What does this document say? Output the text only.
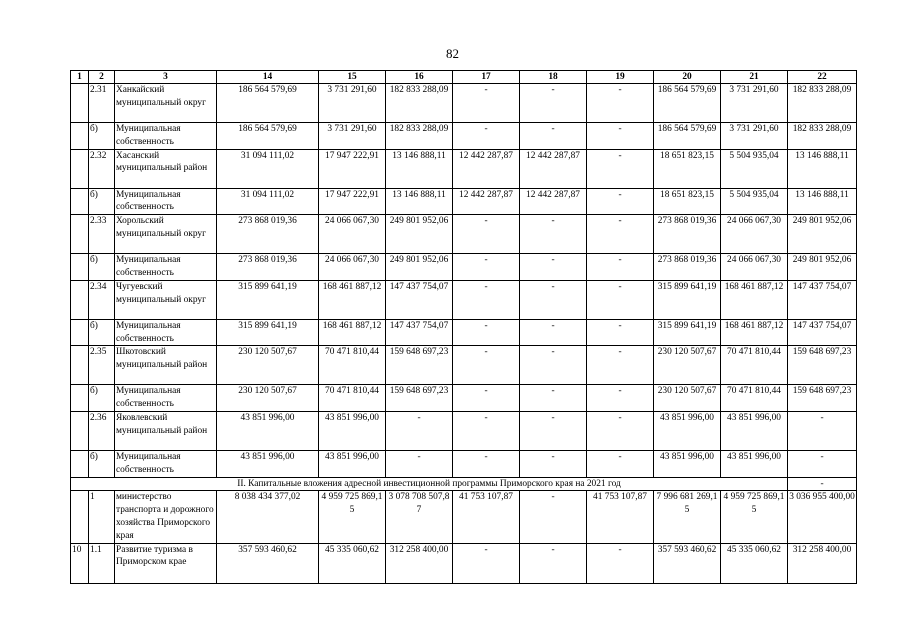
82
1	2	3	14	15	16	17	18	19	20	21	22
	2.31	Ханкайский муниципальный округ	186 564 579,69	3 731 291,60	182 833 288,09	-	-	-	186 564 579,69	3 731 291,60	182 833 288,09
	б)	Муниципальная собственность	186 564 579,69	3 731 291,60	182 833 288,09	-	-	-	186 564 579,69	3 731 291,60	182 833 288,09
	2.32	Хасанский муниципальный район	31 094 111,02	17 947 222,91	13 146 888,11	12 442 287,87	12 442 287,87	-	18 651 823,15	5 504 935,04	13 146 888,11
	б)	Муниципальная собственность	31 094 111,02	17 947 222,91	13 146 888,11	12 442 287,87	12 442 287,87	-	18 651 823,15	5 504 935,04	13 146 888,11
	2.33	Хорольский муниципальный округ	273 868 019,36	24 066 067,30	249 801 952,06	-	-	-	273 868 019,36	24 066 067,30	249 801 952,06
	б)	Муниципальная собственность	273 868 019,36	24 066 067,30	249 801 952,06	-	-	-	273 868 019,36	24 066 067,30	249 801 952,06
	2.34	Чугуевский муниципальный округ	315 899 641,19	168 461 887,12	147 437 754,07	-	-	-	315 899 641,19	168 461 887,12	147 437 754,07
	б)	Муниципальная собственность	315 899 641,19	168 461 887,12	147 437 754,07	-	-	-	315 899 641,19	168 461 887,12	147 437 754,07
	2.35	Шкотовский муниципальный район	230 120 507,67	70 471 810,44	159 648 697,23	-	-	-	230 120 507,67	70 471 810,44	159 648 697,23
	б)	Муниципальная собственность	230 120 507,67	70 471 810,44	159 648 697,23	-	-	-	230 120 507,67	70 471 810,44	159 648 697,23
	2.36	Яковлевский муниципальный район	43 851 996,00	43 851 996,00	-	-	-	-	43 851 996,00	43 851 996,00	-
	б)	Муниципальная собственность	43 851 996,00	43 851 996,00	-	-	-	-	43 851 996,00	43 851 996,00	-
II. Капитальные вложения адресной инвестиционной программы Приморского края на 2021 год											-
	1	министерство транспорта и дорожного хозяйства Приморского края	8 038 434 377,02	4 959 725 869,15	3 078 708 507,87	41 753 107,87	-	41 753 107,87	7 996 681 269,15	4 959 725 869,15	3 036 955 400,00
10	1.1	Развитие туризма в Приморском крае	357 593 460,62	45 335 060,62	312 258 400,00	-	-	-	357 593 460,62	45 335 060,62	312 258 400,00
